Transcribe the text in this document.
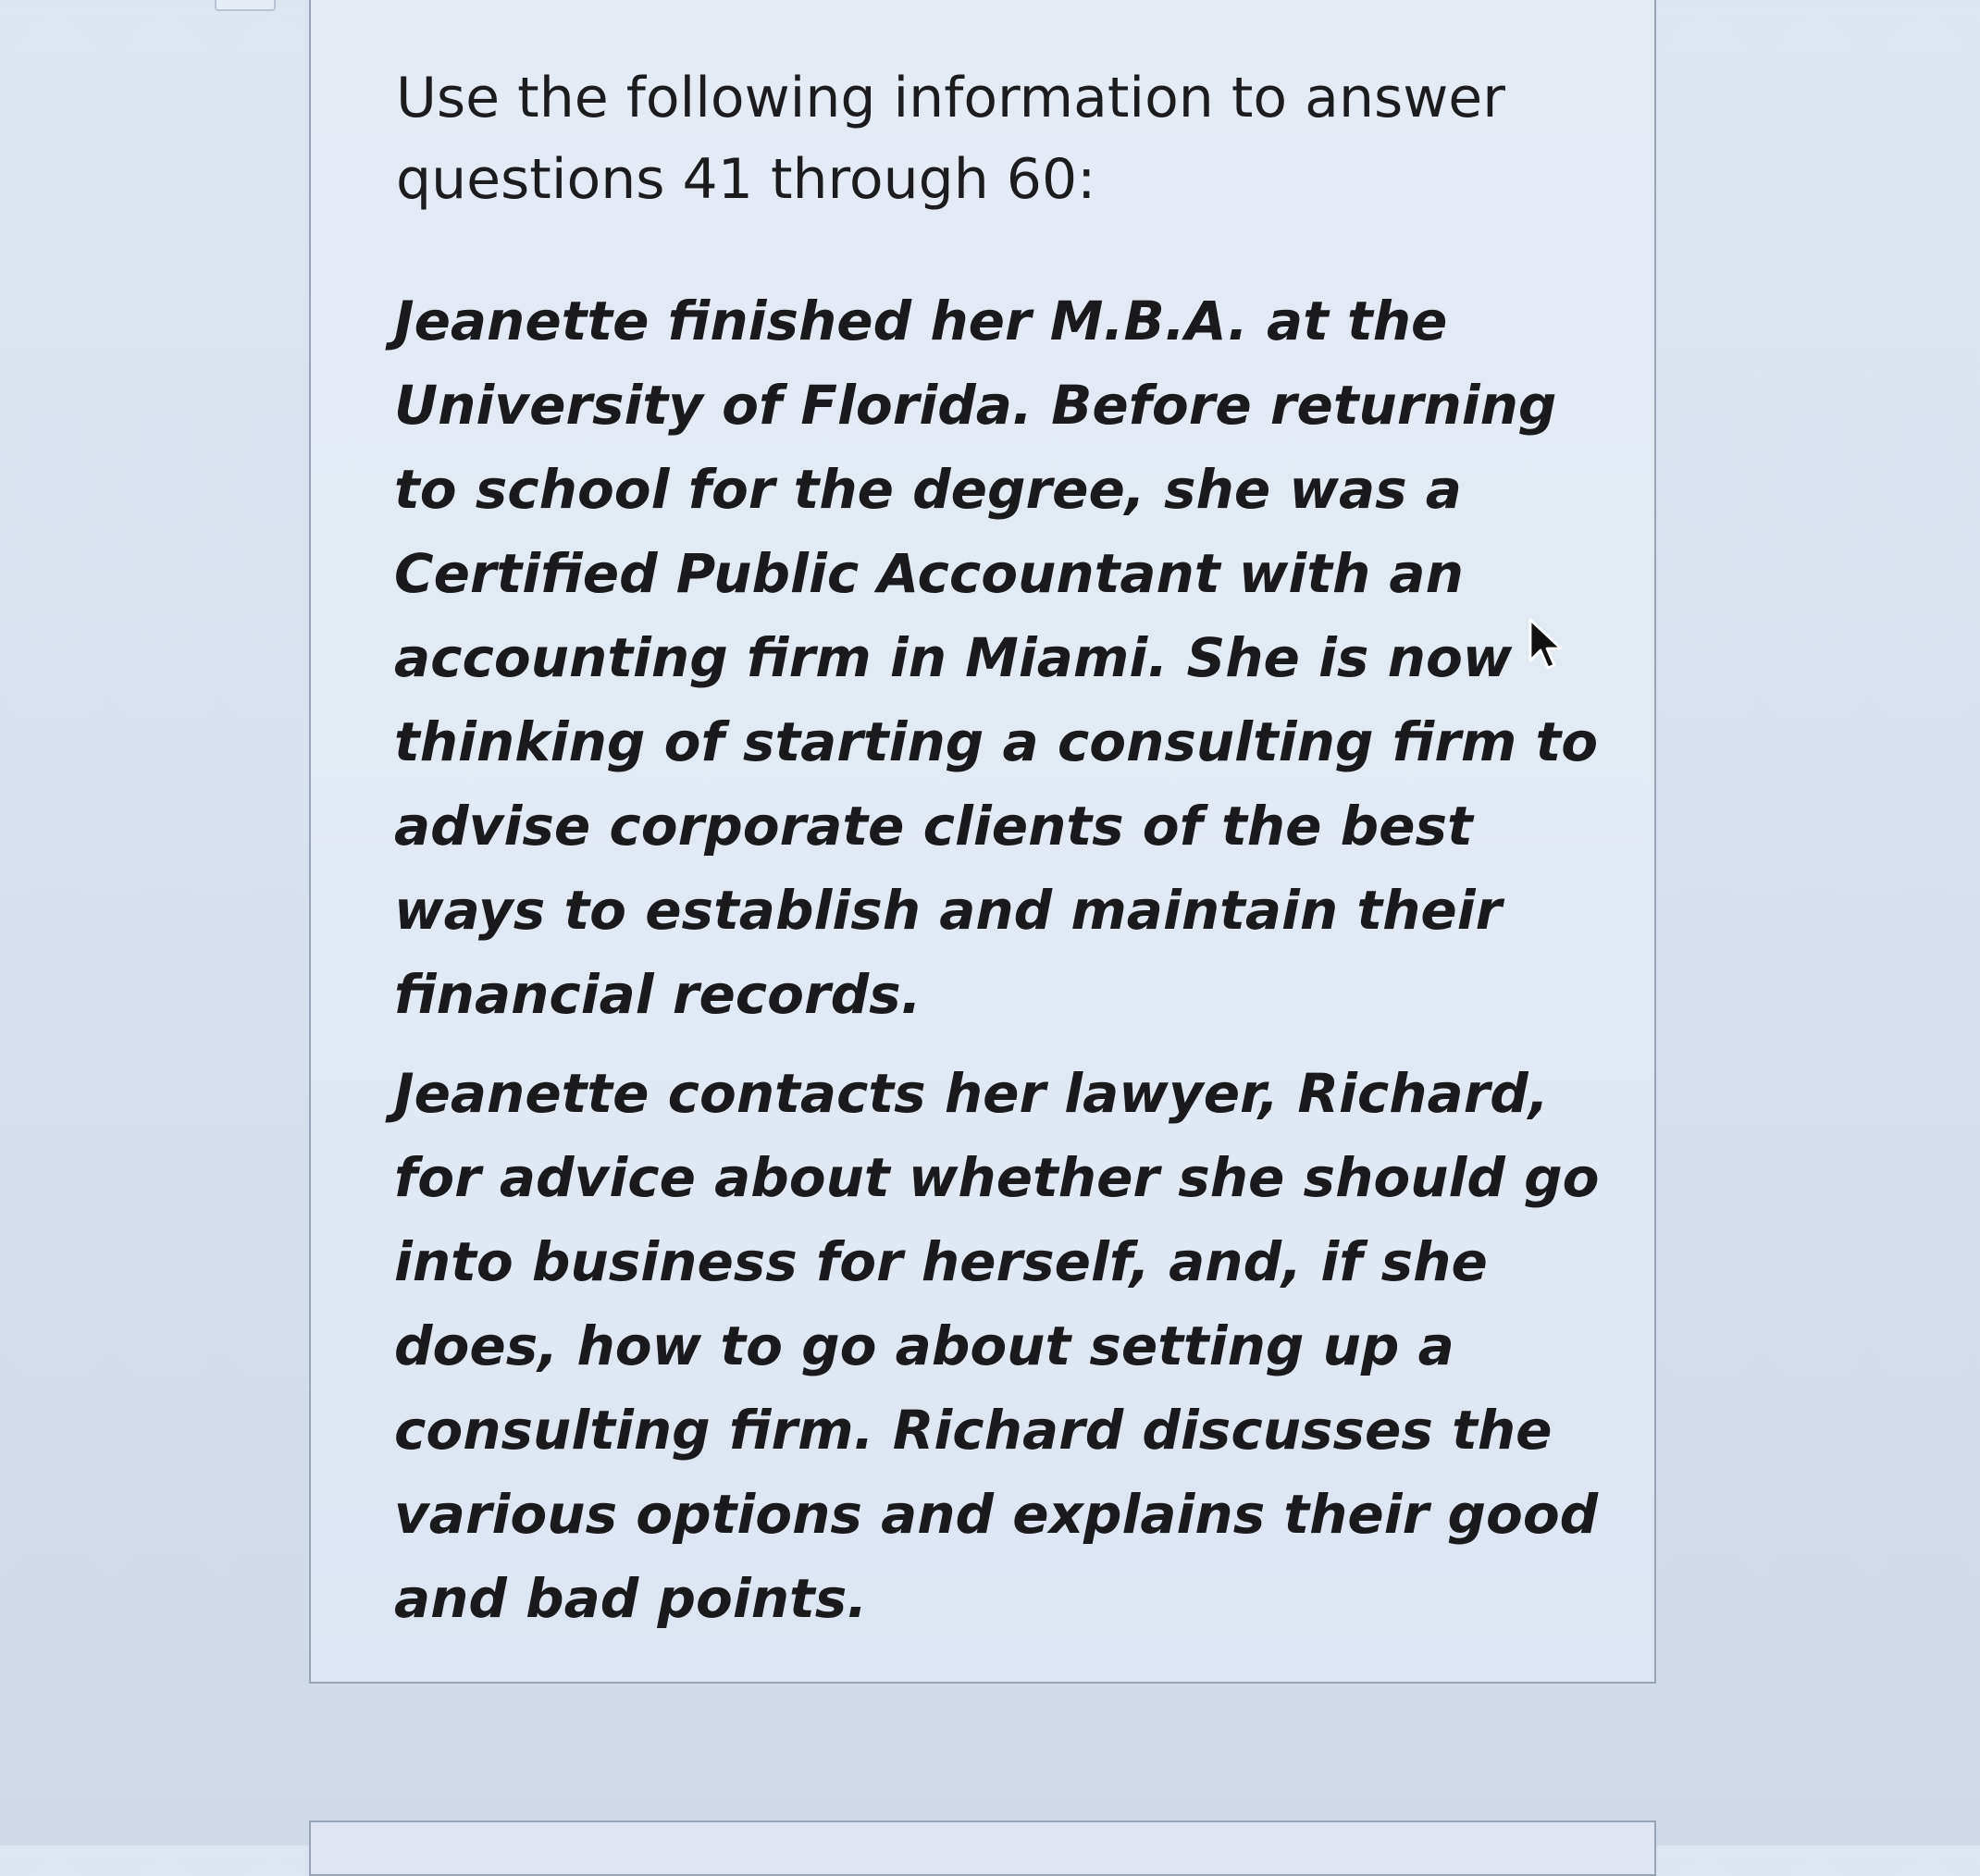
Use the following information to answer questions 41 through 60:

Jeanette finished her M.B.A. at the University of Florida. Before returning to school for the degree, she was a Certified Public Accountant with an accounting firm in Miami. She is now thinking of starting a consulting firm to advise corporate clients of the best ways to establish and maintain their financial records.

Jeanette contacts her lawyer, Richard, for advice about whether she should go into business for herself, and, if she does, how to go about setting up a consulting firm. Richard discusses the various options and explains their good and bad points.
